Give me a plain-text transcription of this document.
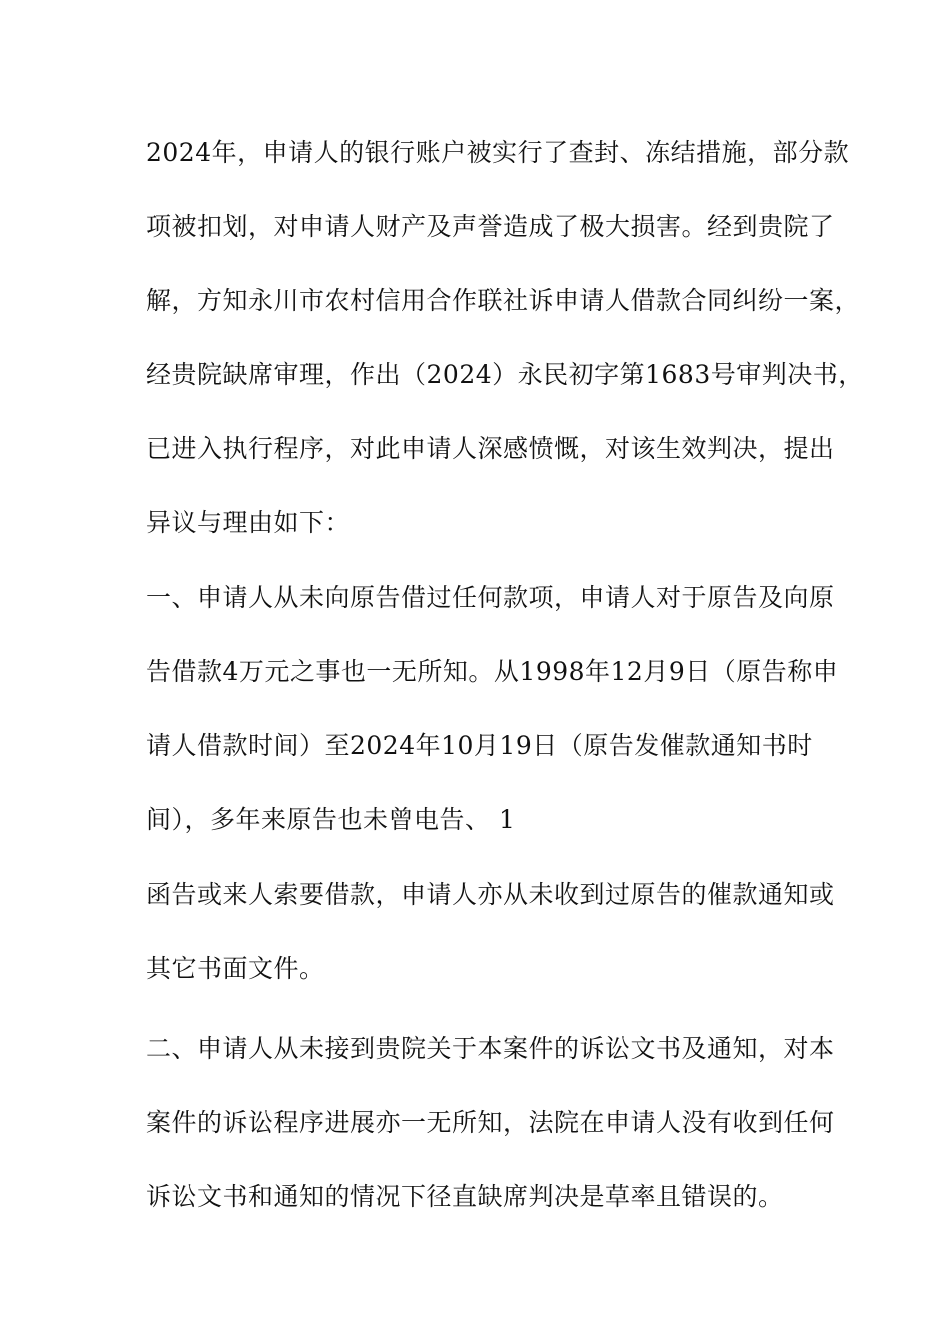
2024年，申请人的银行账户被实行了查封、冻结措施，部分款
项被扣划，对申请人财产及声誉造成了极大损害。经到贵院了
解，方知永川市农村信用合作联社诉申请人借款合同纠纷一案，
经贵院缺席审理，作出（2024）永民初字第1683号审判决书，
已进入执行程序，对此申请人深感愤慨，对该生效判决，提出
异议与理由如下：
一、申请人从未向原告借过任何款项，申请人对于原告及向原
告借款4万元之事也一无所知。从1998年12月9日（原告称申
请人借款时间）至2024年10月19日（原告发催款通知书时
间），多年来原告也未曾电告、 1
函告或来人索要借款，申请人亦从未收到过原告的催款通知或
其它书面文件。
二、申请人从未接到贵院关于本案件的诉讼文书及通知，对本
案件的诉讼程序进展亦一无所知，法院在申请人没有收到任何
诉讼文书和通知的情况下径直缺席判决是草率且错误的。
